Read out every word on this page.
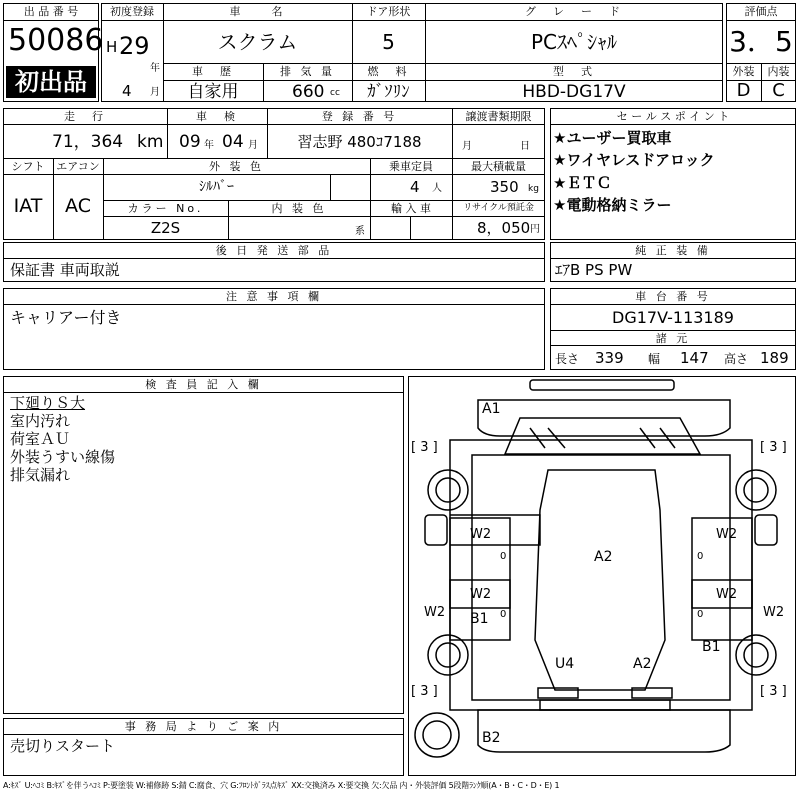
出 品 番 号
50086
初出品
初度登録
H 29
年
4 月
車　　名
スクラム
ドア形状
5
グ　レ　ー　ド
PCｽﾍﾟｼｬﾙ
車　歴
自家用
排 気 量
660 cc
燃　料
ｶﾞｿﾘﾝ
型　式
HBD-DG17V
評価点
3．5
外装	内装
D	C
走　行
71，364 km
車　検
09 年 04 月
登 録 番 号
習志野 480ｺ7188
譲渡書類期限
月	日
シフト
IAT
エアコン
AC
外 装 色
ｼﾙﾊﾞｰ
乗車定員
4 人
最大積載量
350 kg
カラー No.
Z2S
内 装 色
系
輸 入 車	リサイクル預託金
8，050 円
セ ー ル ス ポ イ ン ト
★ユーザー買取車
★ワイヤレスドアロック
★ＥＴＣ
★電動格納ミラー
後 日 発 送 部 品
保証書 車両取説
純 正 装 備
ｴｱB PS PW
注 意 事 項 欄
キャリアー付き
車 台 番 号
DG17V-113189
諸 元
長さ 339 幅 147 高さ 189
検 査 員 記 入 欄
下廻りＳ大
室内汚れ
荷室ＡＵ
外装うすい線傷
排気漏れ
事 務 局 よ り ご 案 内
売切りスタート
A1
W2	W2
A2
W2	W2
B1
W2	W2
B1
U4	A2
B2
[ 3 ]	[ 3 ]
[ 3 ]	[ 3 ]
0	0
0	0
A:ｷｽﾞ U:ﾍｺﾐ B:ｷｽﾞを伴うﾍｺﾐ P:要塗装 W:補修跡 S:錆 C:腐食、穴 G:ﾌﾛﾝﾄｶﾞﾗｽ点ｷｽﾞ XX:交換済み X:要交換 欠:欠品 内・外装評価 5段階ﾗﾝｸ順(A・B・C・D・E) 1
